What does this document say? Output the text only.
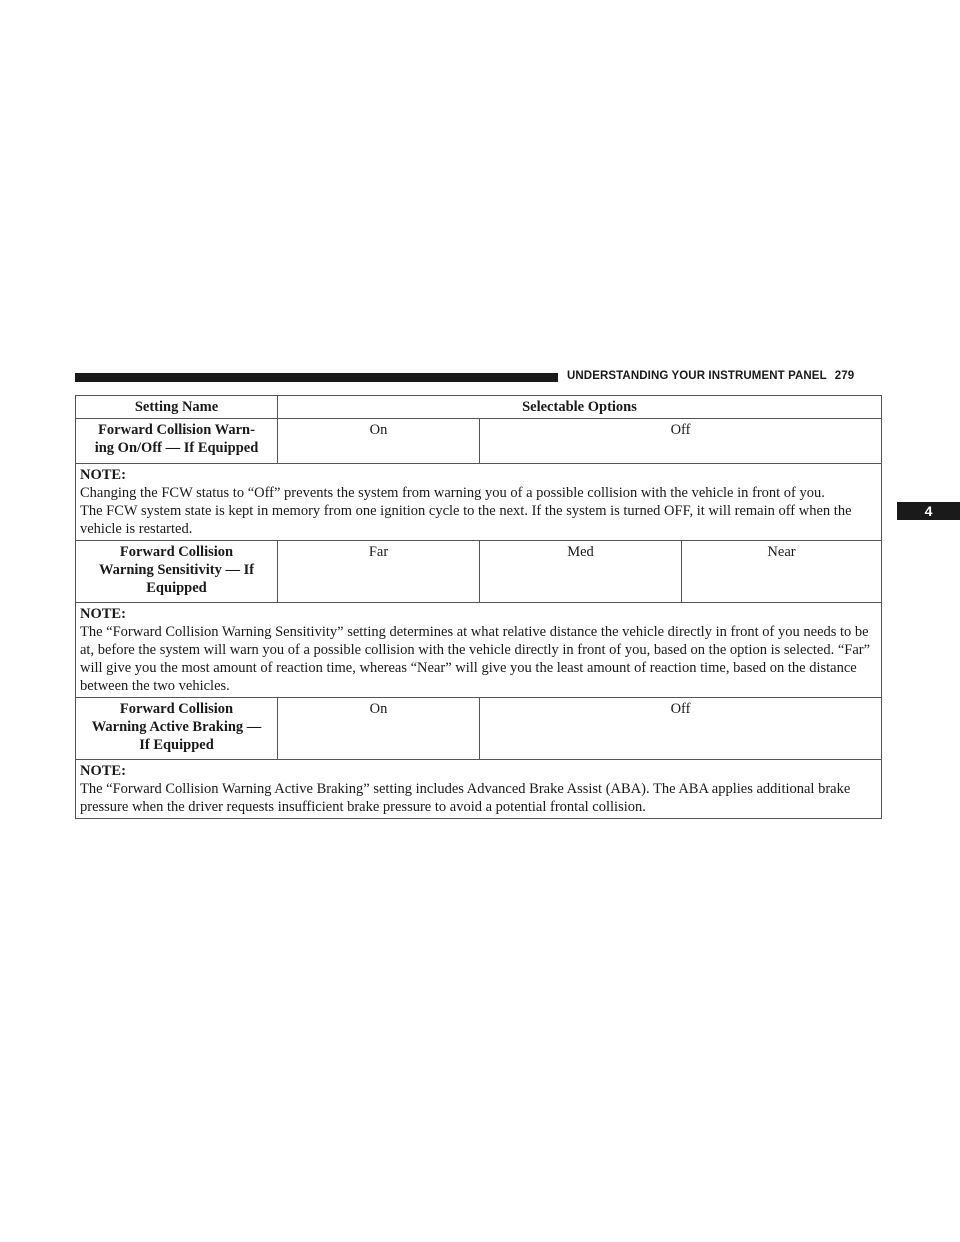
UNDERSTANDING YOUR INSTRUMENT PANEL 279
4
Setting Name	Selectable Options		
Forward Collision Warn-
ing On/Off — If Equipped	On	Off	

NOTE:
Changing the FCW status to “Off” prevents the system from warning you of a possible collision with the vehicle in front of you.
The FCW system state is kept in memory from one ignition cycle to the next. If the system is turned OFF, it will remain off when the vehicle is restarted.			

Forward Collision
Warning Sensitivity — If
Equipped	Far	Med	Near

NOTE:
The “Forward Collision Warning Sensitivity” setting determines at what relative distance the vehicle directly in front of you needs to be at, before the system will warn you of a possible collision with the vehicle directly in front of you, based on the option is selected. “Far” will give you the most amount of reaction time, whereas “Near” will give you the least amount of reaction time, based on the distance between the two vehicles.			

Forward Collision
Warning Active Braking —
If Equipped	On	Off	

NOTE:
The “Forward Collision Warning Active Braking” setting includes Advanced Brake Assist (ABA). The ABA applies additional brake pressure when the driver requests insufficient brake pressure to avoid a potential frontal collision.			
